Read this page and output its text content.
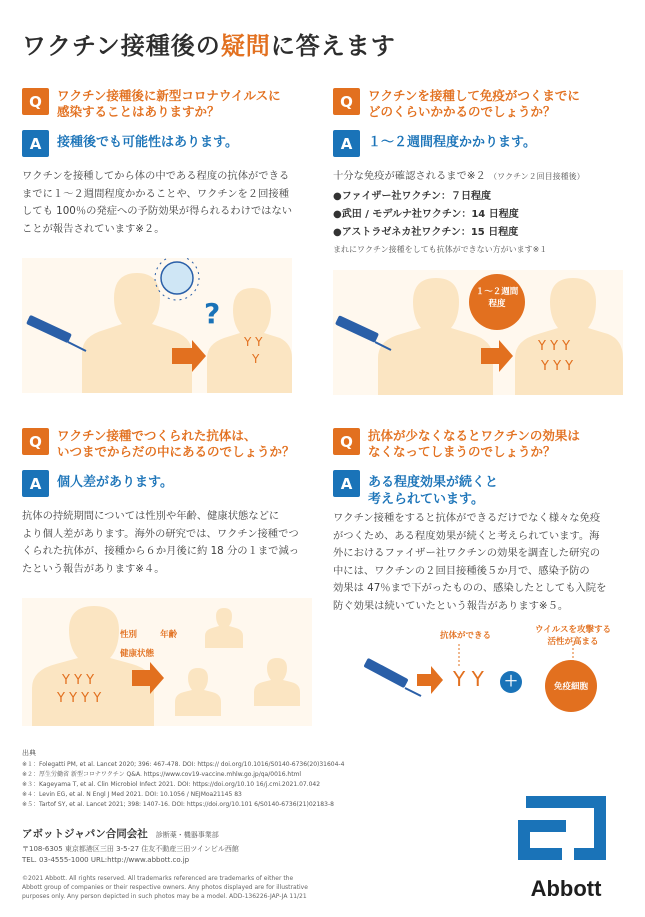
ワクチン接種後の疑問に答えます
Q	ワクチン接種後に新型コロナウイルスに
感染することはありますか？
A	接種後でも可能性はあります。
ワクチンを接種してから体の中である程度の抗体ができる
までに１～２週間程度かかることや、ワクチンを２回接種
しても 100％の発症への予防効果が得られるわけではない
ことが報告されています※２。
?
Y Y
Y
Q	ワクチンを接種して免疫がつくまでに
どのくらいかかるのでしょうか？
A	１～２週間程度かかります。
十分な免疫が確認されるまで※２ （ワクチン２回目接種後）
●ファイザー社ワクチン：７日程度
●武田 / モデルナ社ワクチン：14 日程度
●アストラゼネカ社ワクチン：15 日程度
まれにワクチン接種をしても抗体ができない方がいます※１
Y Y Y
Y Y Y
１～２週間
程度
Q	ワクチン接種でつくられた抗体は、
いつまでからだの中にあるのでしょうか？
A	個人差があります。
抗体の持続期間については性別や年齢、健康状態などに
より個人差があります。海外の研究では、ワクチン接種でつ
くられた抗体が、接種から６か月後に約 18 分の１まで減っ
たという報告があります※４。
Y Y Y
Y Y Y Y
性別	年齢
健康状態
Q	抗体が少なくなるとワクチンの効果は
なくなってしまうのでしょうか？
A	ある程度効果が続くと
考えられています。
ワクチン接種をすると抗体ができるだけでなく様々な免疫
がつくため、ある程度効果が続くと考えられています。海
外におけるファイザー社ワクチンの効果を調査した研究の
中には、ワクチンの２回目接種後５か月で、感染予防の
効果は 47％まで下がったものの、感染したとしても入院を
防ぐ効果は続いていたという報告があります※５。
Y Y
抗体ができる
ウイルスを攻撃する
活性が高まる
＋	免疫細胞
出典
※１：Folegatti PM, et al. Lancet 2020; 396: 467-478. DOI: https:// doi.org/10.1016/S0140-6736(20)31604-4
※２：厚生労働省 新型コロナワクチン Q&A. https://www.cov19-vaccine.mhlw.go.jp/qa/0016.html
※３：Kageyama T, et al. Clin Microbiol Infect 2021. DOI: https://doi.org/10.10 16/j.cmi.2021.07.042
※４：Levin EG, et al. N Engl J Med 2021. DOI: 10.1056 / NEJMoa21145 83
※５：Tartof SY, et al. Lancet 2021; 398: 1407-16. DOI: https://doi.org/10.101 6/S0140-6736(21)02183-8
アボットジャパン合同会社 診断薬・機器事業部
〒108-6305 東京都港区三田 3-5-27 住友不動産三田ツインビル西館
TEL. 03-4555-1000 URL:http://www.abbott.co.jp
©2021 Abbott. All rights reserved. All trademarks referenced are trademarks of either the
Abbott group of companies or their respective owners. Any photos displayed are for illustrative
purposes only. Any person depicted in such photos may be a model. ADD-136226-JAP-JA 11/21	Abbott
